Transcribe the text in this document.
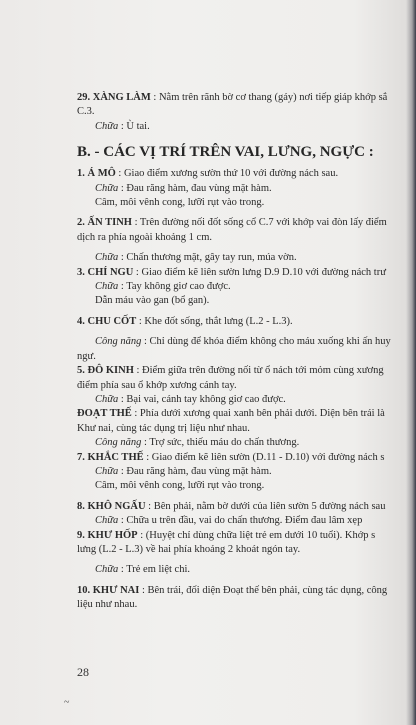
29. XÀNG LÀM : Nằm trên rãnh bờ cơ thang (gáy) nơi tiếp giáp khớp sắ

C.3.

Chữa : Ù tai.

B. - CÁC VỊ TRÍ TRÊN VAI, LƯNG, NGỰC :

1. Á MÔ : Giao điểm xương sườn thứ 10 với đường nách sau.

Chữa : Đau răng hàm, đau vùng mặt hàm.

Câm, môi vênh cong, lưỡi rụt vào trong.

2. ẤN TINH : Trên đường nối đốt sống cổ C.7 với khớp vai đòn lấy điểm

dịch ra phía ngoài khoảng 1 cm.

Chữa : Chấn thương mặt, gây tay run, múa vờn.

3. CHÍ NGU : Giao điểm kẽ liên sườn lưng D.9 D.10 với đường nách trư

Chữa : Tay không giơ cao được.

Dẫn máu vào gan (bổ gan).

4. CHU CỐT : Khe đốt sống, thắt lưng (L.2 - L.3).

Công năng : Chỉ dùng để khóa điểm không cho máu xuống khi ấn huy

ngư.

5. ĐÔ KINH : Điểm giữa trên đường nối từ ổ nách tới mỏm cùng xương

điểm phía sau ổ khớp xương cánh tay.

Chữa : Bại vai, cánh tay không giơ cao được.

ĐOẠT THẾ : Phía dưới xương quai xanh bên phải dưới. Diện bên trái là

Khư nai, cùng tác dụng trị liệu như nhau.

Công năng : Trợ sức, thiếu máu do chấn thương.

7. KHẮC THẾ : Giao điểm kẽ liên sườn (D.11 - D.10) với đường nách s

Chữa : Đau răng hàm, đau vùng mặt hàm.

Câm, môi vênh cong, lưỡi rụt vào trong.

8. KHÔ NGẤU : Bên phải, nằm bờ dưới của liên sườn 5 đường nách sau

Chữa : Chữa u trên đầu, vai do chấn thương. Điểm đau lâm xẹp

9. KHƯ HỐP : (Huyệt chỉ dùng chữa liệt trẻ em dưới 10 tuổi). Khớp s

lưng (L.2 - L.3) về hai phía khoảng 2 khoát ngón tay.

Chữa : Trẻ em liệt chi.

10. KHƯ NAI : Bên trái, đối diện Đoạt thế bên phải, cùng tác dụng, công

liệu như nhau.

28
~
